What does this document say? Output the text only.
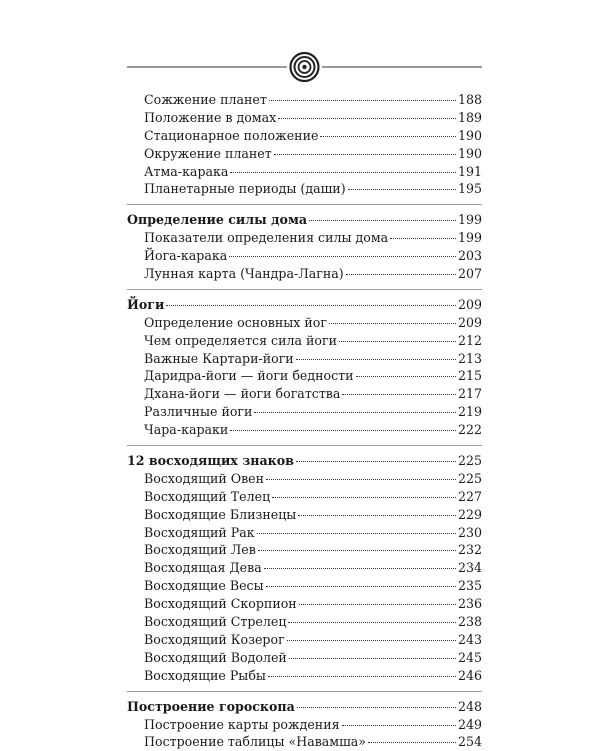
Сожжение планет	188
Положение в домах	189
Стационарное положение	190
Окружение планет	190
Атма-карака	191
Планетарные периоды (даши)	195
Определение силы дома	199
Показатели определения силы дома	199
Йога-карака	203
Лунная карта (Чандра-Лагна)	207
Йоги	209
Определение основных йог	209
Чем определяется сила йоги	212
Важные Картари-йоги	213
Даридра-йоги — йоги бедности	215
Дхана-йоги — йоги богатства	217
Различные йоги	219
Чара-караки	222
12 восходящих знаков	225
Восходящий Овен	225
Восходящий Телец	227
Восходящие Близнецы	229
Восходящий Рак	230
Восходящий Лев	232
Восходящая Дева	234
Восходящие Весы	235
Восходящий Скорпион	236
Восходящий Стрелец	238
Восходящий Козерог	243
Восходящий Водолей	245
Восходящие Рыбы	246
Построение гороскопа	248
Построение карты рождения	249
Построение таблицы «Навамша»	254
